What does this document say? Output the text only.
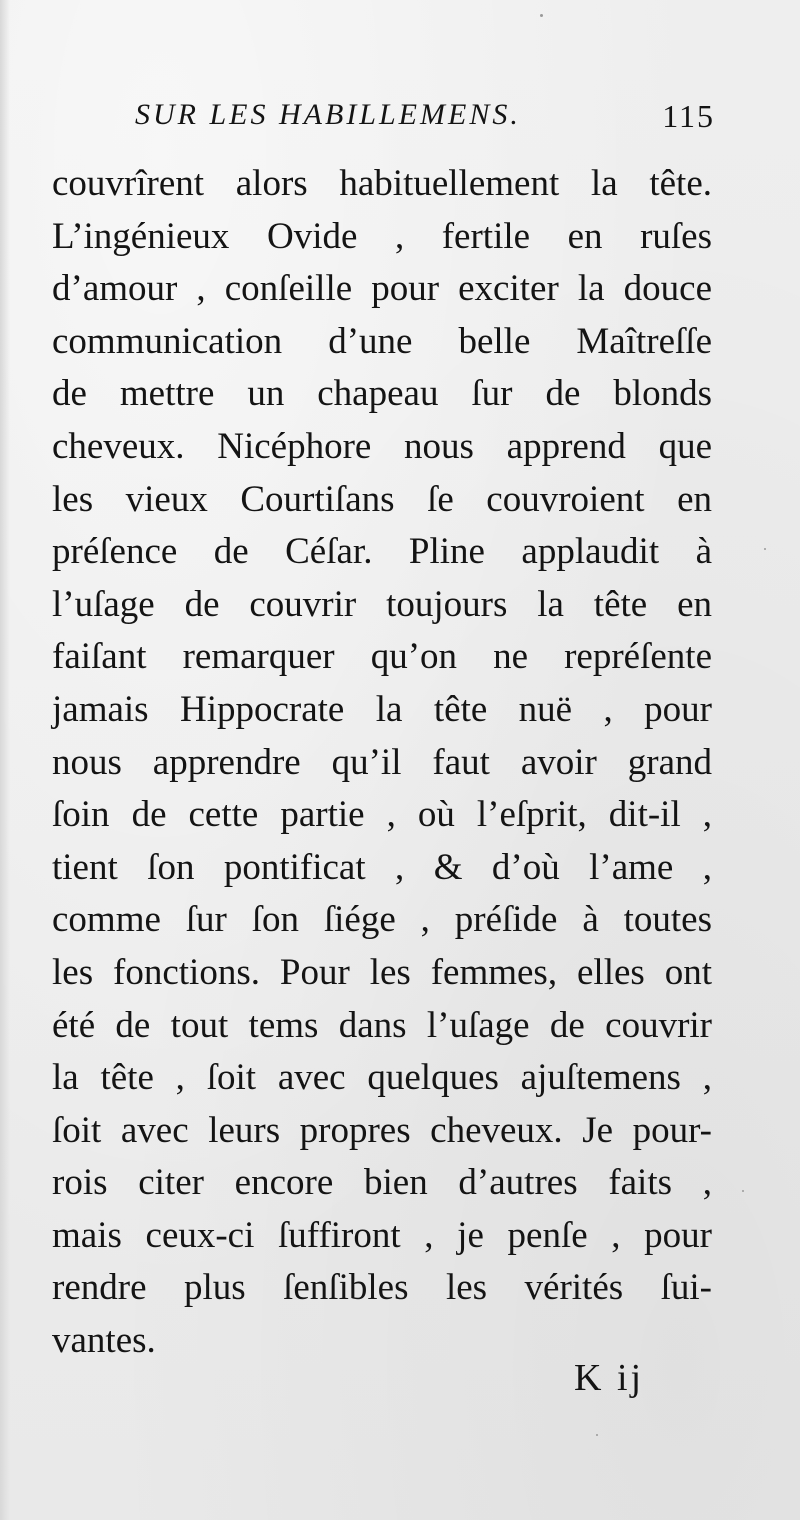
SUR LES HABILLEMENS.	115
couvrîrent alors habituellement la tête.
L’ingénieux Ovide , fertile en ruſes
d’amour , conſeille pour exciter la douce
communication d’une belle Maîtreſſe
de mettre un chapeau ſur de blonds
cheveux. Nicéphore nous apprend que
les vieux Courtiſans ſe couvroient en
préſence de Céſar. Pline applaudit à
l’uſage de couvrir toujours la tête en
faiſant remarquer qu’on ne repréſente
jamais Hippocrate la tête nuë , pour
nous apprendre qu’il faut avoir grand
ſoin de cette partie , où l’eſprit, dit-il ,
tient ſon pontificat , & d’où l’ame ,
comme ſur ſon ſiége , préſide à toutes
les fonctions. Pour les femmes, elles ont
été de tout tems dans l’uſage de couvrir
la tête , ſoit avec quelques ajuſtemens ,
ſoit avec leurs propres cheveux. Je pour-
rois citer encore bien d’autres faits ,
mais ceux-ci ſuffiront , je penſe , pour
rendre plus ſenſibles les vérités ſui-
vantes.
K ij
